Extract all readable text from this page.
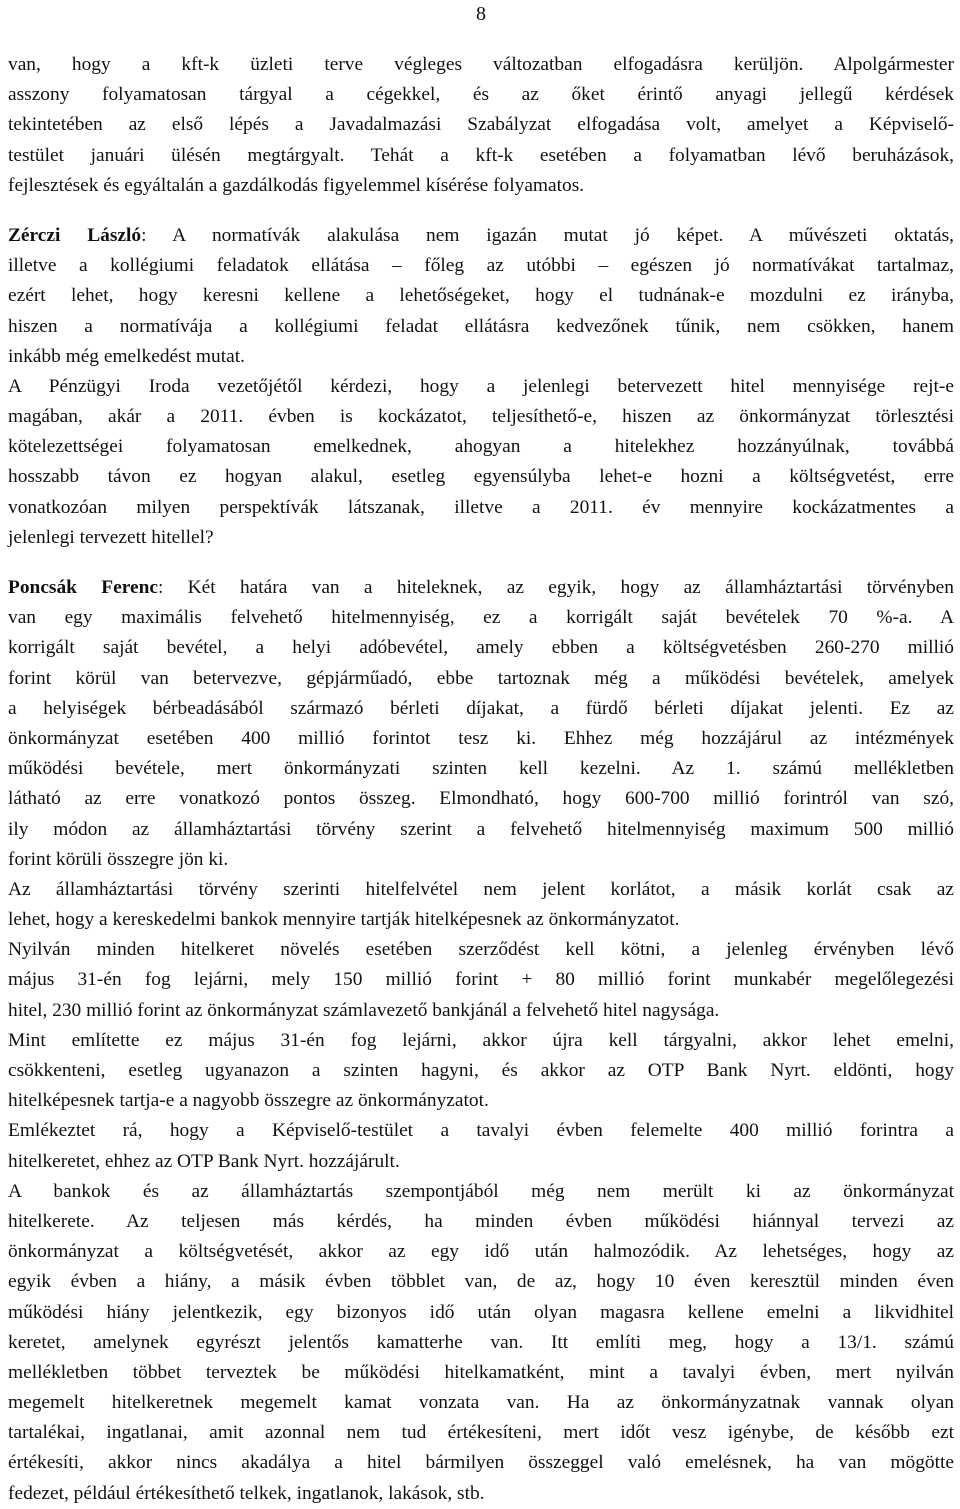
8
van, hogy a kft-k üzleti terve végleges változatban elfogadásra kerüljön. Alpolgármester
asszony folyamatosan tárgyal a cégekkel, és az őket érintő anyagi jellegű kérdések
tekintetében az első lépés a Javadalmazási Szabályzat elfogadása volt, amelyet a Képviselő-
testület januári ülésén megtárgyalt. Tehát a kft-k esetében a folyamatban lévő beruházások,
fejlesztések és egyáltalán a gazdálkodás figyelemmel kísérése folyamatos.
Zérczi László: A normatívák alakulása nem igazán mutat jó képet. A művészeti oktatás,
illetve a kollégiumi feladatok ellátása – főleg az utóbbi – egészen jó normatívákat tartalmaz,
ezért lehet, hogy keresni kellene a lehetőségeket, hogy el tudnának-e mozdulni ez irányba,
hiszen a normatívája a kollégiumi feladat ellátásra kedvezőnek tűnik, nem csökken, hanem
inkább még emelkedést mutat.
A Pénzügyi Iroda vezetőjétől kérdezi, hogy a jelenlegi betervezett hitel mennyisége rejt-e
magában, akár a 2011. évben is kockázatot, teljesíthető-e, hiszen az önkormányzat törlesztési
kötelezettségei folyamatosan emelkednek, ahogyan a hitelekhez hozzányúlnak, továbbá
hosszabb távon ez hogyan alakul, esetleg egyensúlyba lehet-e hozni a költségvetést, erre
vonatkozóan milyen perspektívák látszanak, illetve a 2011. év mennyire kockázatmentes a
jelenlegi tervezett hitellel?
Poncsák Ferenc: Két határa van a hiteleknek, az egyik, hogy az államháztartási törvényben
van egy maximális felvehető hitelmennyiség, ez a korrigált saját bevételek 70 %-a. A
korrigált saját bevétel, a helyi adóbevétel, amely ebben a költségvetésben 260-270 millió
forint körül van betervezve, gépjárműadó, ebbe tartoznak még a működési bevételek, amelyek
a helyiségek bérbeadásából származó bérleti díjakat, a fürdő bérleti díjakat jelenti. Ez az
önkormányzat esetében 400 millió forintot tesz ki. Ehhez még hozzájárul az intézmények
működési bevétele, mert önkormányzati szinten kell kezelni. Az 1. számú mellékletben
látható az erre vonatkozó pontos összeg. Elmondható, hogy 600-700 millió forintról van szó,
ily módon az államháztartási törvény szerint a felvehető hitelmennyiség maximum 500 millió
forint körüli összegre jön ki.
Az államháztartási törvény szerinti hitelfelvétel nem jelent korlátot, a másik korlát csak az
lehet, hogy a kereskedelmi bankok mennyire tartják hitelképesnek az önkormányzatot.
Nyilván minden hitelkeret növelés esetében szerződést kell kötni, a jelenleg érvényben lévő
május 31-én fog lejárni, mely 150 millió forint + 80 millió forint munkabér megelőlegezési
hitel, 230 millió forint az önkormányzat számlavezető bankjánál a felvehető hitel nagysága.
Mint említette ez május 31-én fog lejárni, akkor újra kell tárgyalni, akkor lehet emelni,
csökkenteni, esetleg ugyanazon a szinten hagyni, és akkor az OTP Bank Nyrt. eldönti, hogy
hitelképesnek tartja-e a nagyobb összegre az önkormányzatot.
Emlékeztet rá, hogy a Képviselő-testület a tavalyi évben felemelte 400 millió forintra a
hitelkeretet, ehhez az OTP Bank Nyrt. hozzájárult.
A bankok és az államháztartás szempontjából még nem merült ki az önkormányzat
hitelkerete. Az teljesen más kérdés, ha minden évben működési hiánnyal tervezi az
önkormányzat a költségvetését, akkor az egy idő után halmozódik. Az lehetséges, hogy az
egyik évben a hiány, a másik évben többlet van, de az, hogy 10 éven keresztül minden éven
működési hiány jelentkezik, egy bizonyos idő után olyan magasra kellene emelni a likvidhitel
keretet, amelynek egyrészt jelentős kamatterhe van. Itt említi meg, hogy a 13/1. számú
mellékletben többet terveztek be működési hitelkamatként, mint a tavalyi évben, mert nyilván
megemelt hitelkeretnek megemelt kamat vonzata van. Ha az önkormányzatnak vannak olyan
tartalékai, ingatlanai, amit azonnal nem tud értékesíteni, mert időt vesz igénybe, de később ezt
értékesíti, akkor nincs akadálya a hitel bármilyen összeggel való emelésnek, ha van mögötte
fedezet, például értékesíthető telkek, ingatlanok, lakások, stb.
